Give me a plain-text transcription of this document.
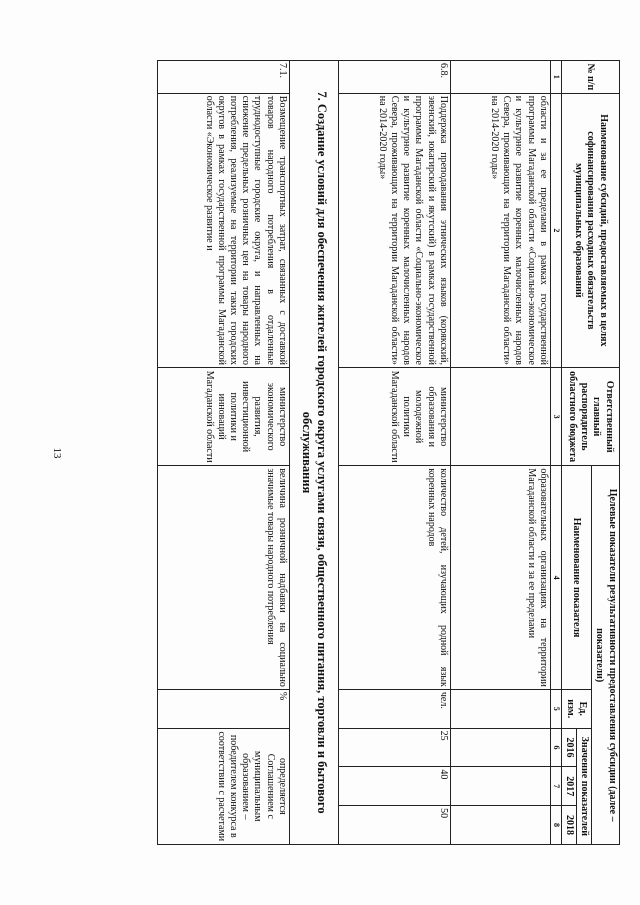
13
№ п/п	Наименование субсидий, предоставляемых в целях софинансирования расходных обязательств муниципальных образований	Ответственный главный распорядитель областного бюджета	Целевые показатели результативности предоставления субсидии (далее – показатели)				
			Наименование показателя	Ед. изм.	Значение показателей		
					2016	2017	2018
1	2	3	4	5	6	7	8
	области и за ее пределами в рамках государственной программы Магаданской области «Социально-экономическое и культурное развитие коренных малочисленных народов Севера, проживающих на территории Магаданской области» на 2014-2020 годы»		образовательных организациях на территории Магаданской области и за ее пределами				
6.8.	Поддержка преподавания этнических языков (корякский, эвенский, юкагирский и якутский) в рамках государственной программы Магаданской области «Социально-экономическое и культурное развитие коренных малочисленных народов Севера, проживающих на территории Магаданской области» на 2014-2020 годы»	министерство образования и молодежной политики Магаданской области	количество детей, изучающих родной язык коренных народов	чел.	25	40	50
7. Создание условий для обеспечения жителей городского округа услугами связи, общественного питания, торговли и бытового обслуживания							
7.1.	Возмещение транспортных затрат, связанных с доставкой товаров народного потребления в отдаленные труднодоступные городские округа, и направленных на снижение предельных розничных цен на товары народного потребления, реализуемые на территории таких городских округов в рамках государственной программы Магаданской области «Экономическое развитие и	министерство экономического развития, инвестиционной политики и инноваций Магаданской области	величина розничной надбавки на социально значимые товары народного потребления	%	определяется Соглашением с муниципальным образованием – победителем конкурса в соответствии с расчетами		
